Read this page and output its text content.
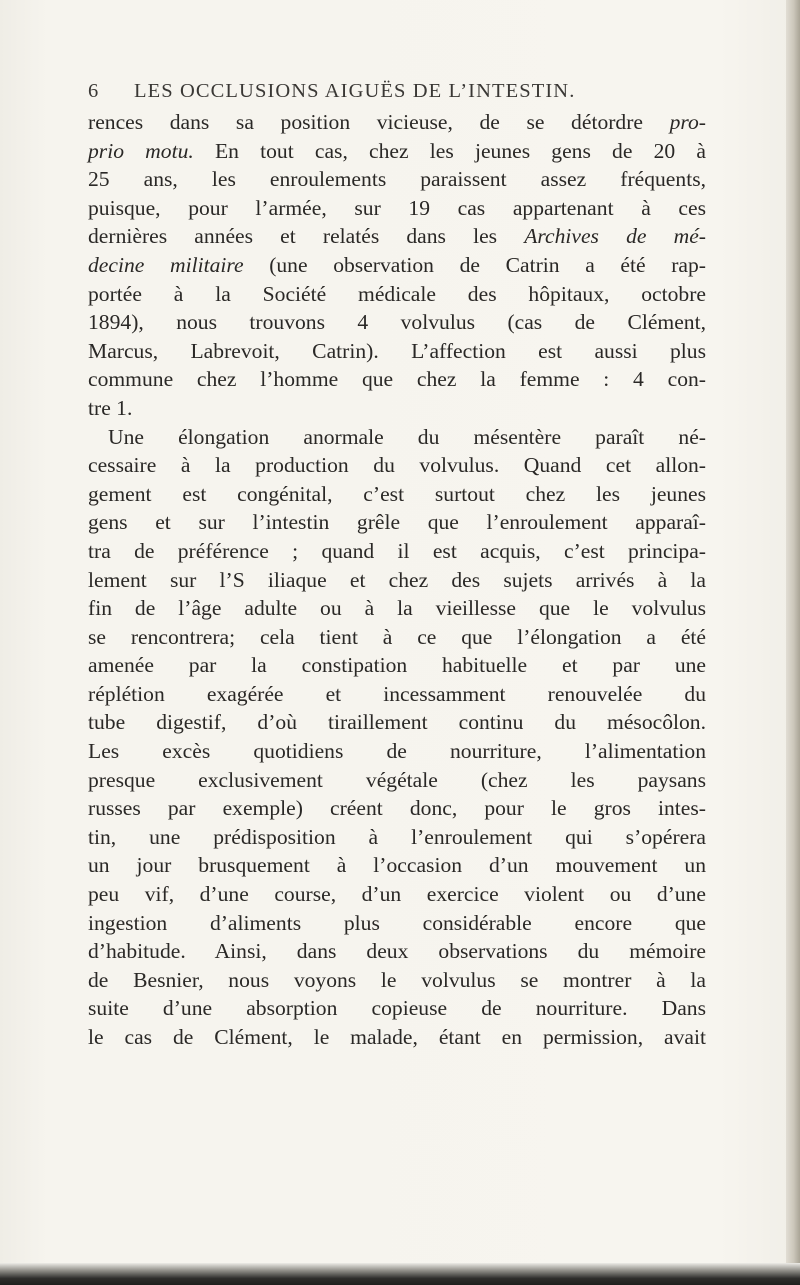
6 LES OCCLUSIONS AIGUËS DE L’INTESTIN.
rences dans sa position vicieuse, de se détordre pro-
prio motu. En tout cas, chez les jeunes gens de 20 à
25 ans, les enroulements paraissent assez fréquents,
puisque, pour l’armée, sur 19 cas appartenant à ces
dernières années et relatés dans les Archives de mé-
decine militaire (une observation de Catrin a été rap-
portée à la Société médicale des hôpitaux, octobre
1894), nous trouvons 4 volvulus (cas de Clément,
Marcus, Labrevoit, Catrin). L’affection est aussi plus
commune chez l’homme que chez la femme : 4 con-
tre 1.
Une élongation anormale du mésentère paraît né-
cessaire à la production du volvulus. Quand cet allon-
gement est congénital, c’est surtout chez les jeunes
gens et sur l’intestin grêle que l’enroulement apparaî-
tra de préférence ; quand il est acquis, c’est principa-
lement sur l’S iliaque et chez des sujets arrivés à la
fin de l’âge adulte ou à la vieillesse que le volvulus
se rencontrera; cela tient à ce que l’élongation a été
amenée par la constipation habituelle et par une
réplétion exagérée et incessamment renouvelée du
tube digestif, d’où tiraillement continu du mésocôlon.
Les excès quotidiens de nourriture, l’alimentation
presque exclusivement végétale (chez les paysans
russes par exemple) créent donc, pour le gros intes-
tin, une prédisposition à l’enroulement qui s’opérera
un jour brusquement à l’occasion d’un mouvement un
peu vif, d’une course, d’un exercice violent ou d’une
ingestion d’aliments plus considérable encore que
d’habitude. Ainsi, dans deux observations du mémoire
de Besnier, nous voyons le volvulus se montrer à la
suite d’une absorption copieuse de nourriture. Dans
le cas de Clément, le malade, étant en permission, avait
